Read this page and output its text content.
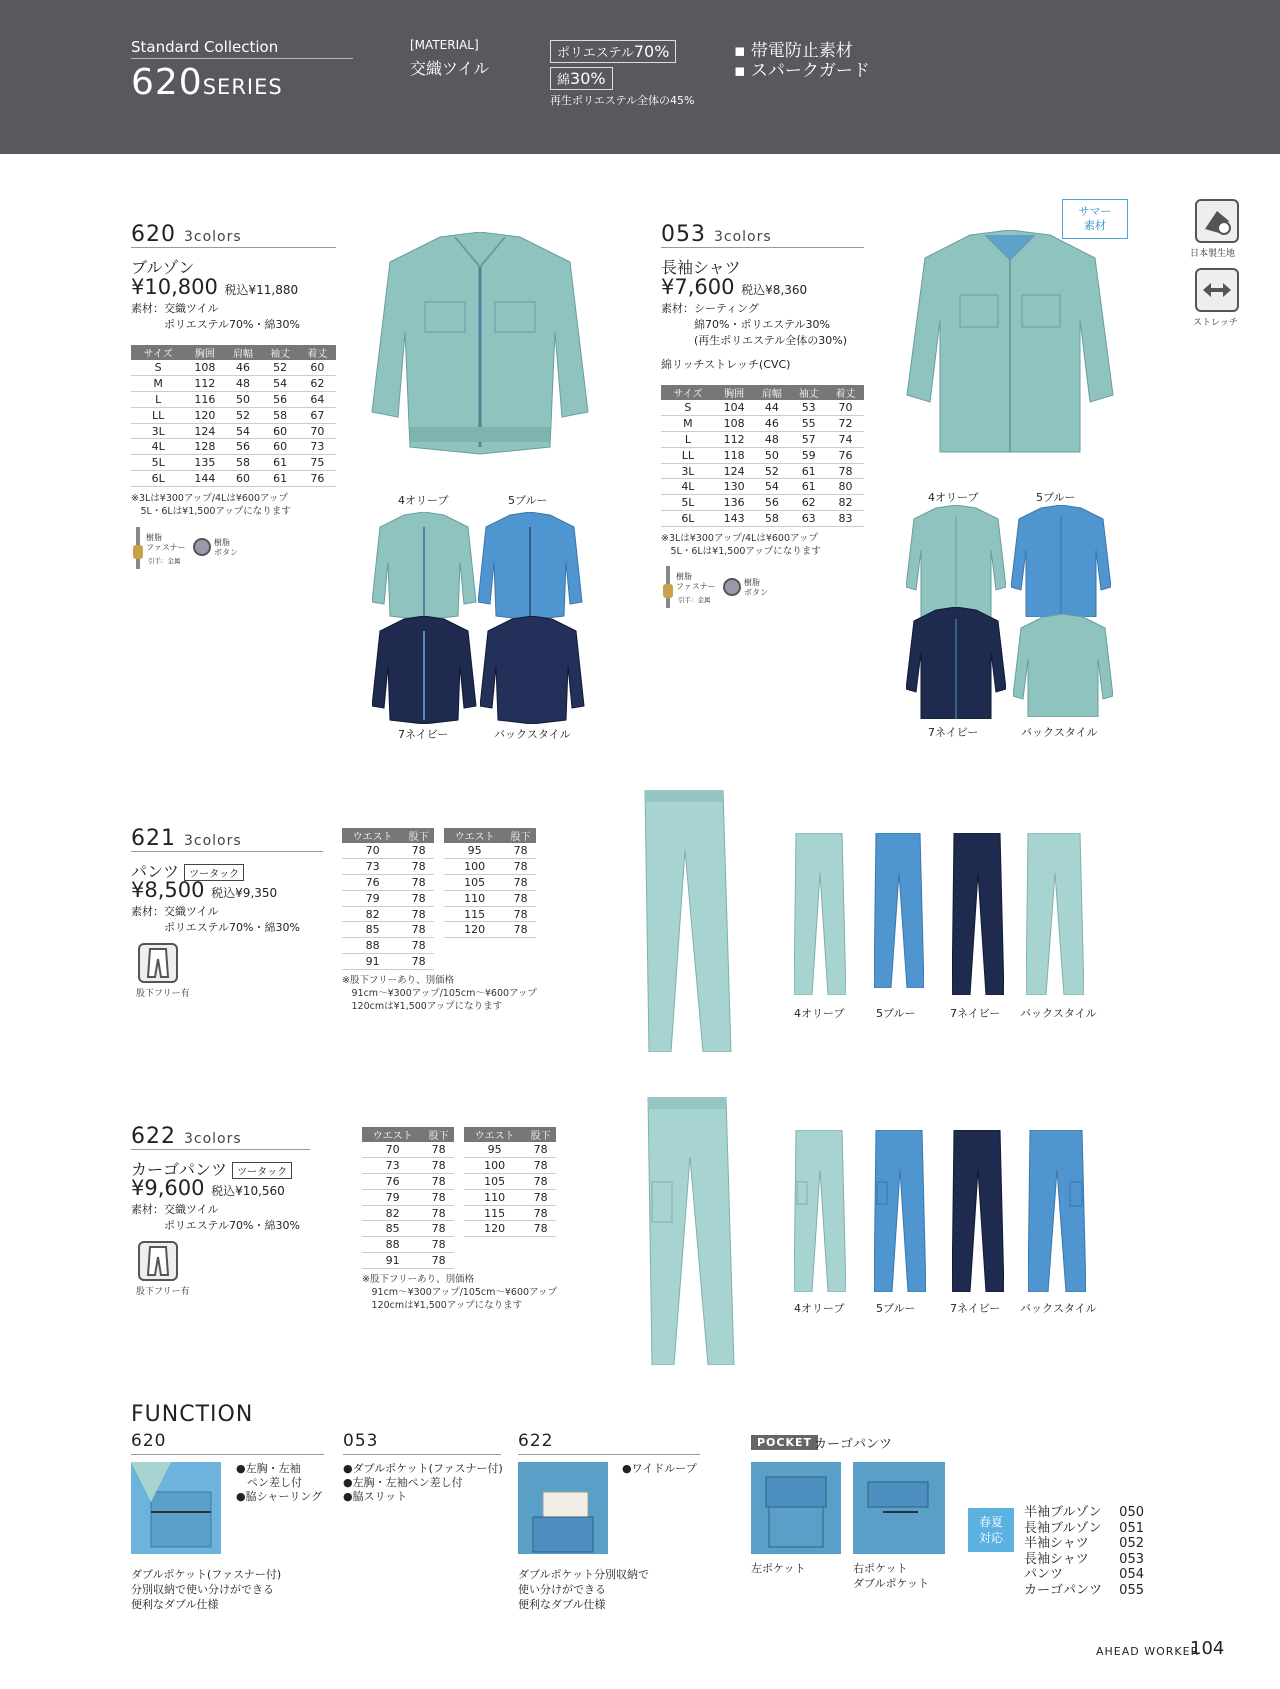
Standard Collection
620SERIES
[MATERIAL]
交織ツイル
ポリエステル70%
綿30%
再生ポリエステル全体の45%
▪ 帯電防止素材
▪ スパークガード
日本製生地
ストレッチ
サマー
素材
620 3colors
ブルゾン
¥10,800 税込¥11,880
素材：交織ツイル
　　　ポリエステル70%・綿30%
サイズ	胸囲	肩幅	袖丈	着丈
S	108	46	52	60
M	112	48	54	62
L	116	50	56	64
LL	120	52	58	67
3L	124	54	60	70
4L	128	56	60	73
5L	135	58	61	75
6L	144	60	61	76
※3Lは¥300アップ/4Lは¥600アップ
　5L・6Lは¥1,500アップになります
樹脂
ファスナー
引手：金属
樹脂
ボタン
4オリーブ	5ブルー
7ネイビー	バックスタイル
053 3colors
長袖シャツ
¥7,600 税込¥8,360
素材：シーティング
　　　綿70%・ポリエステル30%
　　　(再生ポリエステル全体の30%)
綿リッチストレッチ(CVC)
サイズ	胸囲	肩幅	袖丈	着丈
S	104	44	53	70
M	108	46	55	72
L	112	48	57	74
LL	118	50	59	76
3L	124	52	61	78
4L	130	54	61	80
5L	136	56	62	82
6L	143	58	63	83
※3Lは¥300アップ/4Lは¥600アップ
　5L・6Lは¥1,500アップになります
樹脂
ファスナー
引手：金属
樹脂
ボタン
4オリーブ	5ブルー
7ネイビー	バックスタイル
621 3colors
パンツ ツータック
¥8,500 税込¥9,350
素材：交織ツイル
　　　ポリエステル70%・綿30%
股下フリー有
ウエスト	股下
70	78
73	78
76	78
79	78
82	78
85	78
88	78
91	78
ウエスト	股下
95	78
100	78
105	78
110	78
115	78
120	78
※股下フリーあり、別価格
　91cm〜¥300アップ/105cm〜¥600アップ
　120cmは¥1,500アップになります
4オリーブ	5ブルー	7ネイビー バックスタイル
622 3colors
カーゴパンツ ツータック
¥9,600 税込¥10,560
素材：交織ツイル
　　　ポリエステル70%・綿30%
股下フリー有
ウエスト	股下
70	78
73	78
76	78
79	78
82	78
85	78
88	78
91	78
ウエスト	股下
95	78
100	78
105	78
110	78
115	78
120	78
※股下フリーあり、別価格
　91cm〜¥300アップ/105cm〜¥600アップ
　120cmは¥1,500アップになります	4オリーブ	5ブルー	7ネイビー バックスタイル
FUNCTION
620
●左胸・左袖
　ペン差し付
●脇シャーリング
ダブルポケット(ファスナー付)
分別収納で使い分けができる
便利なダブル仕様
053
●ダブルポケット(ファスナー付)
●左胸・左袖ペン差し付
●脇スリット
622
●ワイドループ
ダブルポケット分別収納で
使い分けができる
便利なダブル仕様
POCKET カーゴパンツ
左ポケット	右ポケット
ダブルポケット
春夏
対応
半袖ブルゾン 050
長袖ブルゾン 051
半袖シャツ 052
長袖シャツ 053
パンツ	054
カーゴパンツ 055
AHEAD WORKER
104
